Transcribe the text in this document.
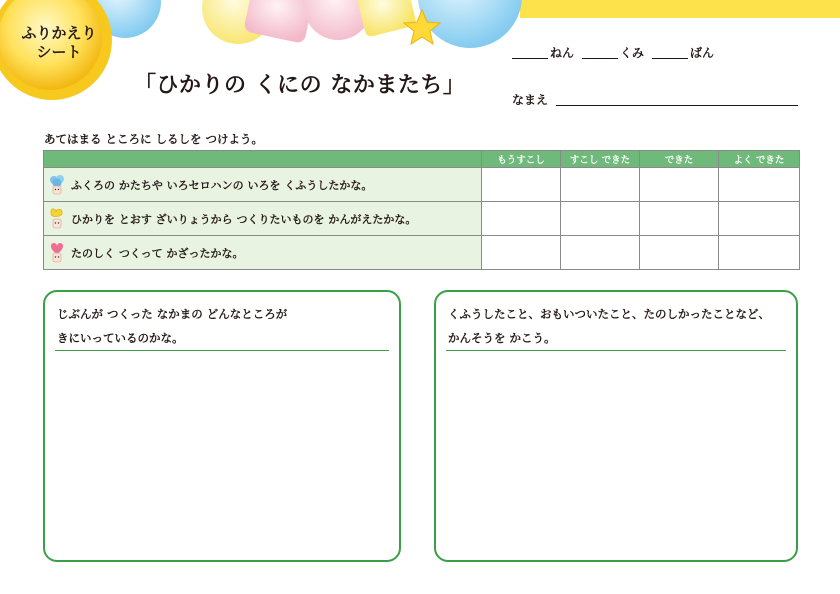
ふりかえり
シート
「ひかりの くにの なかまたち」
ねん	くみ	ばん
なまえ
あてはまる ところに しるしを つけよう。
	もうすこし	すこし できた	できた	よく できた

ふくろの かたちや いろセロハンの いろを くふうしたかな。				

ひかりを とおす ざいりょうから つくりたいものを かんがえたかな。				

たのしく つくって かざったかな。				

じぶんが つくった なかまの どんなところが
きにいっているのかな。
くふうしたこと、おもいついたこと、たのしかったことなど、
かんそうを かこう。
